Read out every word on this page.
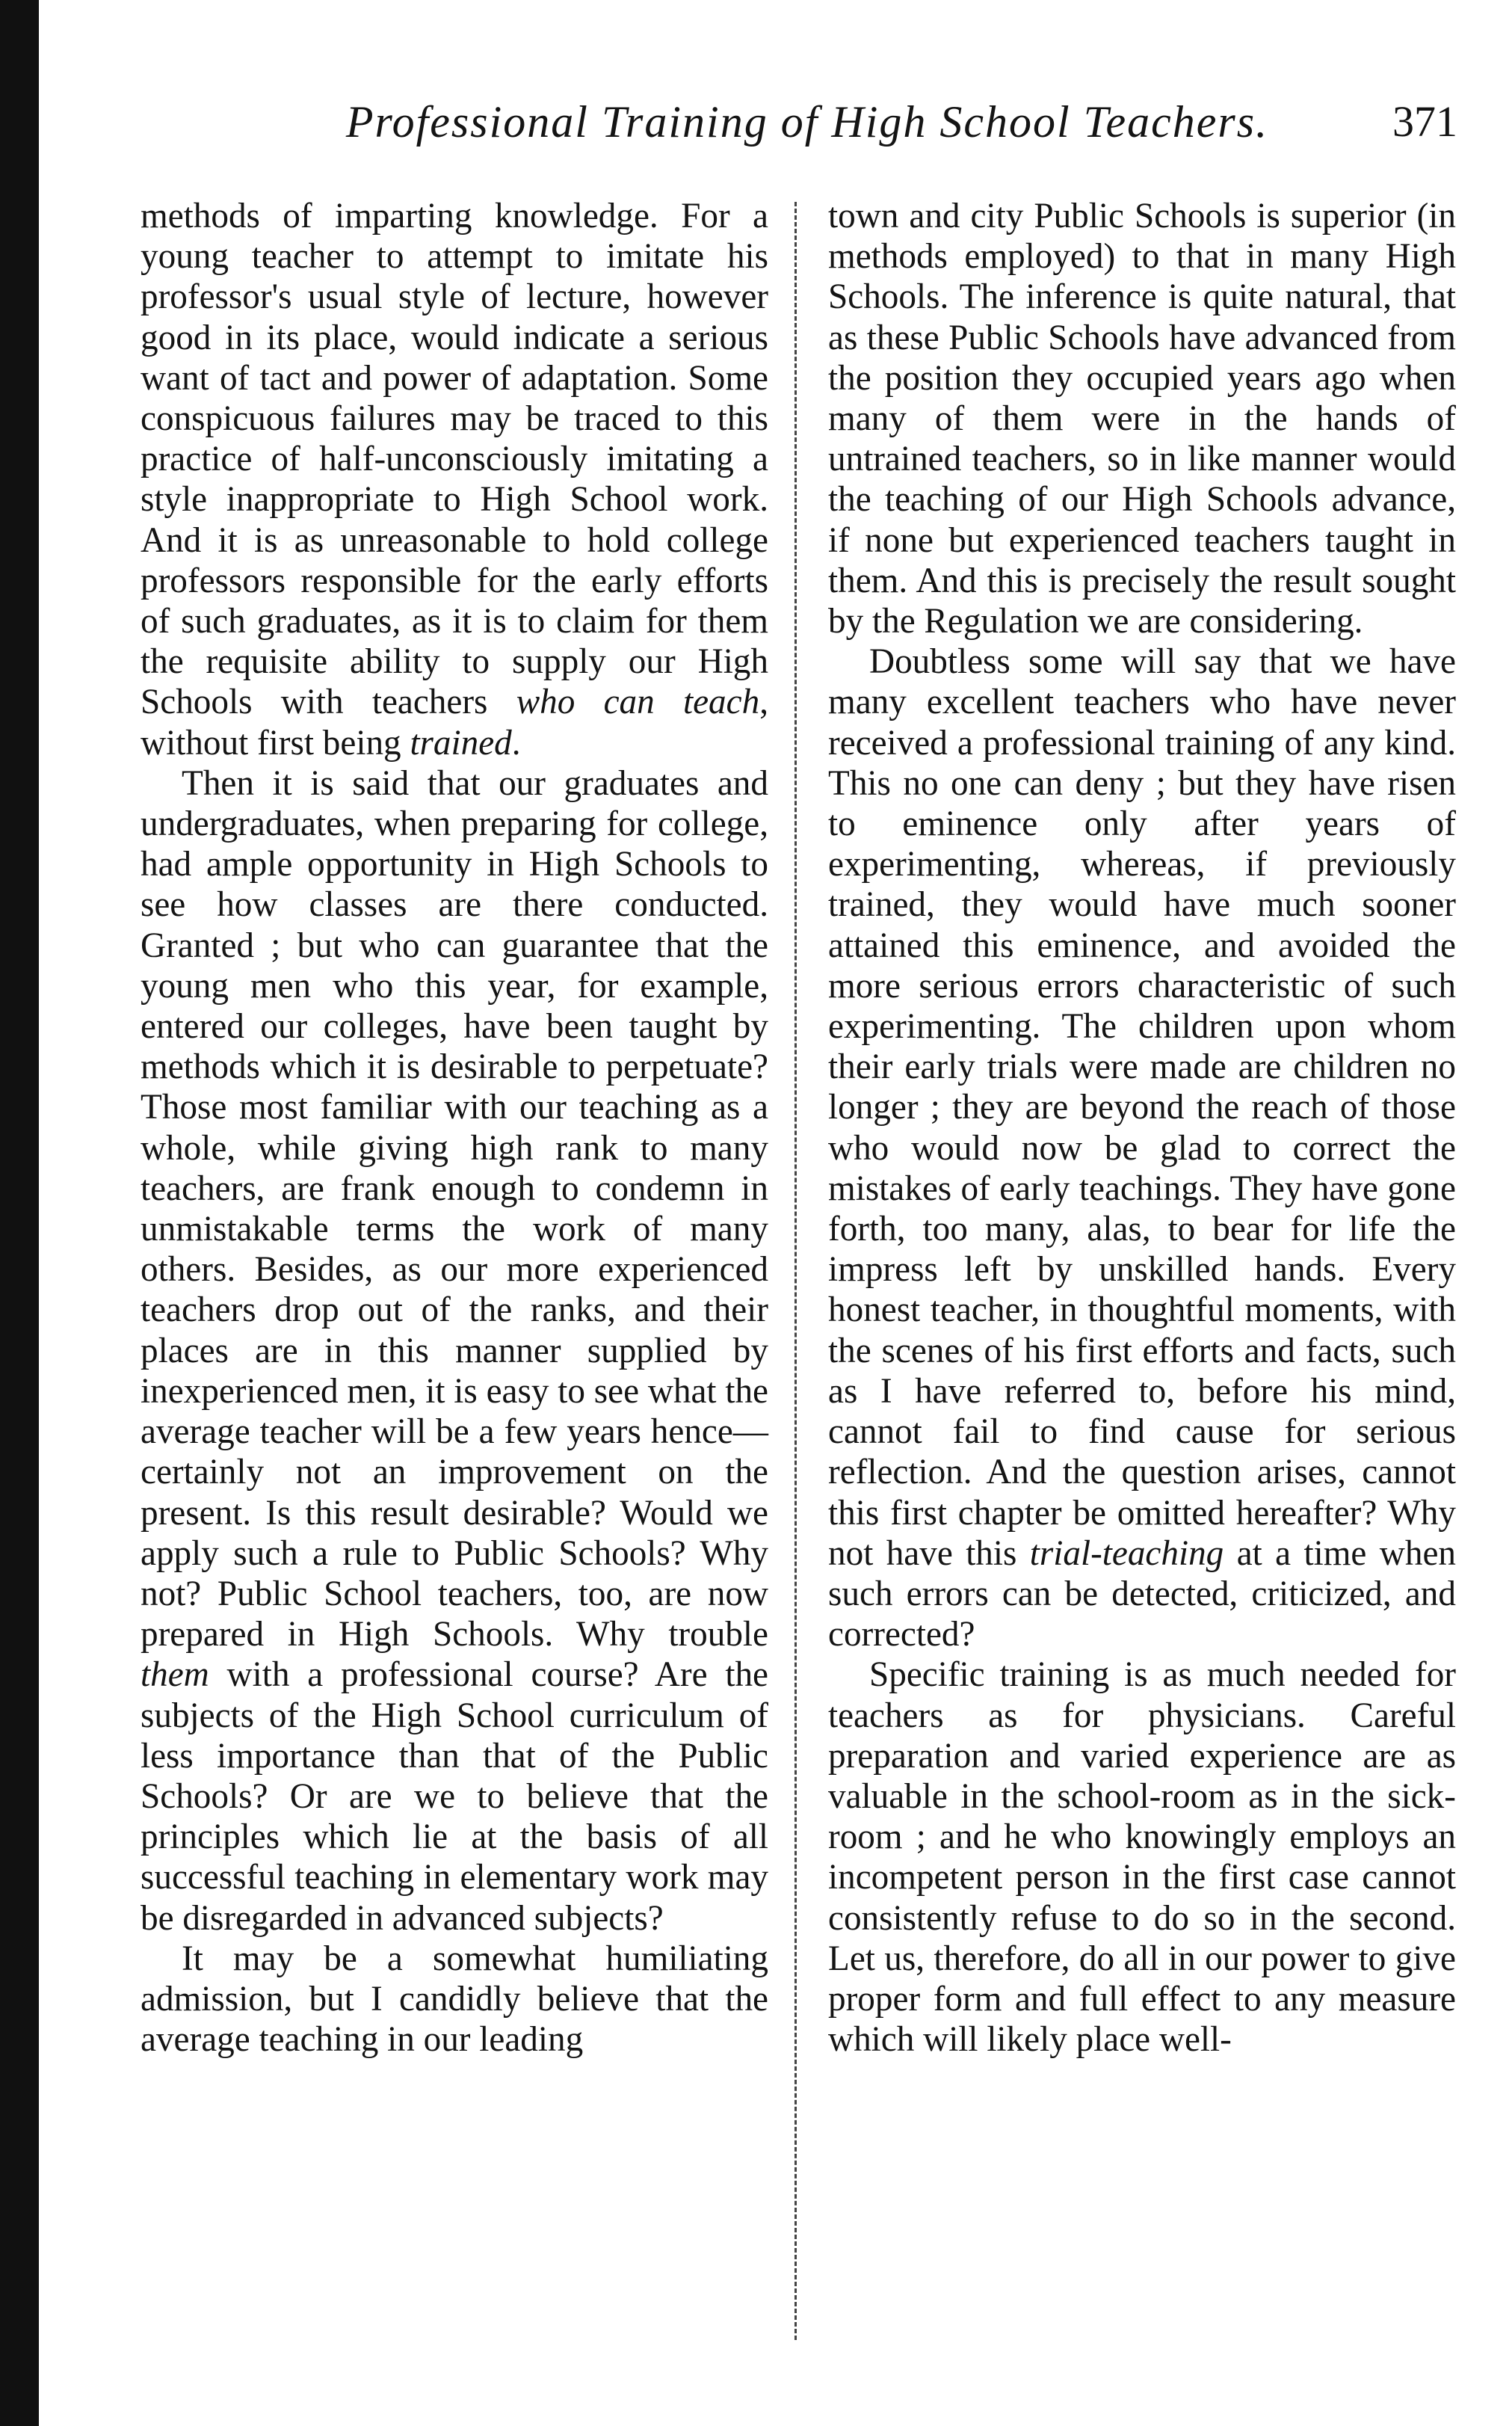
Professional Training of High School Teachers.	371

methods of imparting knowledge. For a young teacher to attempt to imitate his professor's usual style of lecture, however good in its place, would indicate a serious want of tact and power of adaptation. Some conspicuous failures may be traced to this practice of half-unconsciously imitating a style inappropriate to High School work. And it is as unreasonable to hold college professors responsible for the early efforts of such graduates, as it is to claim for them the requisite ability to supply our High Schools with teachers who can teach, without first being trained.

Then it is said that our graduates and undergraduates, when preparing for college, had ample opportunity in High Schools to see how classes are there conducted. Granted ; but who can guarantee that the young men who this year, for example, entered our colleges, have been taught by methods which it is desirable to perpetuate? Those most familiar with our teaching as a whole, while giving high rank to many teachers, are frank enough to condemn in unmistakable terms the work of many others. Besides, as our more experienced teachers drop out of the ranks, and their places are in this manner supplied by inexperienced men, it is easy to see what the average teacher will be a few years hence—certainly not an improvement on the present. Is this result desirable? Would we apply such a rule to Public Schools? Why not? Public School teachers, too, are now prepared in High Schools. Why trouble them with a professional course? Are the subjects of the High School curriculum of less importance than that of the Public Schools? Or are we to believe that the principles which lie at the basis of all successful teaching in elementary work may be disregarded in advanced subjects?

It may be a somewhat humiliating admission, but I candidly believe that the average teaching in our leading

town and city Public Schools is superior (in methods employed) to that in many High Schools. The inference is quite natural, that as these Public Schools have advanced from the position they occupied years ago when many of them were in the hands of untrained teachers, so in like manner would the teaching of our High Schools advance, if none but experienced teachers taught in them. And this is precisely the result sought by the Regulation we are considering.

Doubtless some will say that we have many excellent teachers who have never received a professional training of any kind. This no one can deny ; but they have risen to eminence only after years of experimenting, whereas, if previously trained, they would have much sooner attained this eminence, and avoided the more serious errors characteristic of such experimenting. The children upon whom their early trials were made are children no longer ; they are beyond the reach of those who would now be glad to correct the mistakes of early teachings. They have gone forth, too many, alas, to bear for life the impress left by unskilled hands. Every honest teacher, in thoughtful moments, with the scenes of his first efforts and facts, such as I have referred to, before his mind, cannot fail to find cause for serious reflection. And the question arises, cannot this first chapter be omitted hereafter? Why not have this trial-teaching at a time when such errors can be detected, criticized, and corrected?

Specific training is as much needed for teachers as for physicians. Careful preparation and varied experience are as valuable in the school-room as in the sick-room ; and he who knowingly employs an incompetent person in the first case cannot consistently refuse to do so in the second. Let us, therefore, do all in our power to give proper form and full effect to any measure which will likely place well-
